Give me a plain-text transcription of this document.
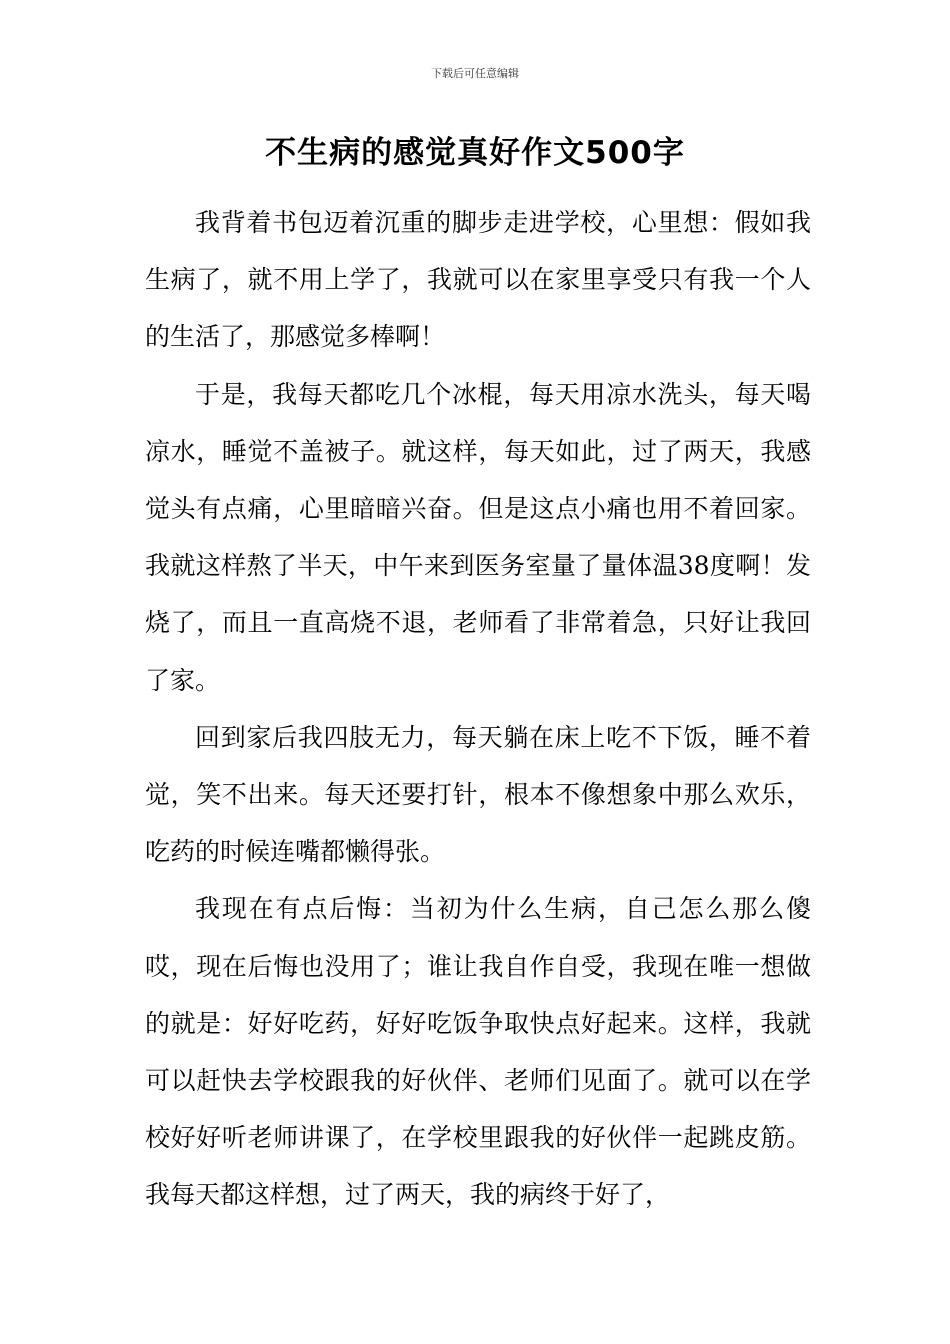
下载后可任意编辑
不生病的感觉真好作文500字

我背着书包迈着沉重的脚步走进学校，心里想：假如我生病了，就不用上学了，我就可以在家里享受只有我一个人的生活了，那感觉多棒啊！

于是，我每天都吃几个冰棍，每天用凉水洗头，每天喝凉水，睡觉不盖被子。就这样，每天如此，过了两天，我感觉头有点痛，心里暗暗兴奋。但是这点小痛也用不着回家。我就这样熬了半天，中午来到医务室量了量体温38度啊！发烧了，而且一直高烧不退，老师看了非常着急，只好让我回了家。

回到家后我四肢无力，每天躺在床上吃不下饭，睡不着觉，笑不出来。每天还要打针，根本不像想象中那么欢乐，吃药的时候连嘴都懒得张。

我现在有点后悔：当初为什么生病，自己怎么那么傻哎，现在后悔也没用了；谁让我自作自受，我现在唯一想做的就是：好好吃药，好好吃饭争取快点好起来。这样，我就可以赶快去学校跟我的好伙伴、老师们见面了。就可以在学校好好听老师讲课了，在学校里跟我的好伙伴一起跳皮筋。我每天都这样想，过了两天，我的病终于好了，
